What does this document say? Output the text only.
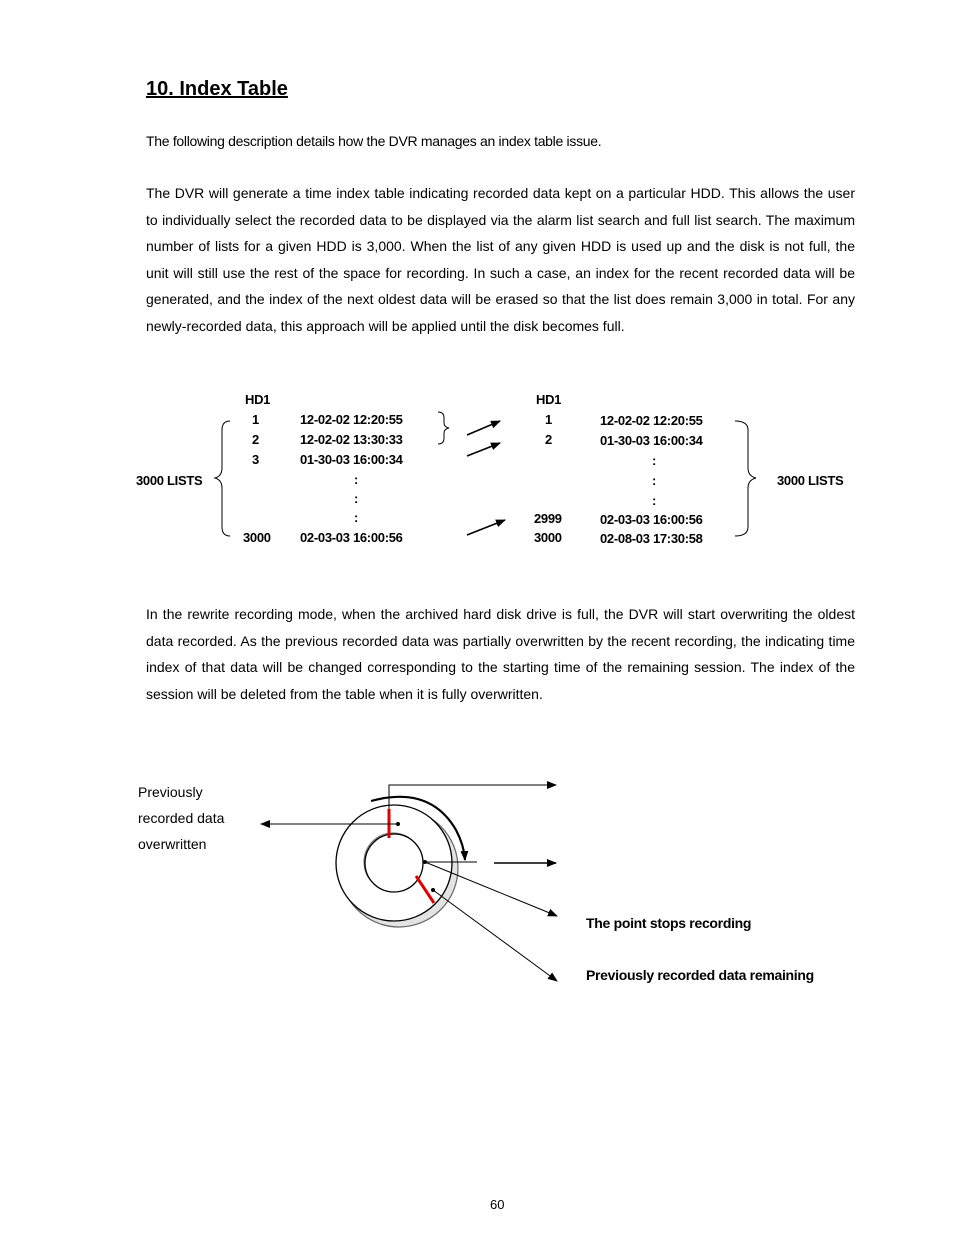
10. Index Table

The following description details how the DVR manages an index table issue.

The DVR will generate a time index table indicating recorded data kept on a particular HDD. This allows the user to individually select the recorded data to be displayed via the alarm list search and full list search. The maximum number of lists for a given HDD is 3,000. When the list of any given HDD is used up and the disk is not full, the unit will still use the rest of the space for recording. In such a case, an index for the recent recorded data will be generated, and the index of the next oldest data will be erased so that the list does remain 3,000 in total. For any newly-recorded data, this approach will be applied until the disk becomes full.

HD1
1	12-02-02 12:20:55
2	12-02-02 13:30:33
3	01-30-03 16:00:34
:
:
:
3000 02-03-03 16:00:56
3000 LISTS
HD1
1	12-02-02 12:20:55
2	01-30-03 16:00:34
:
:
:
2999	02-03-03 16:00:56
3000	02-08-03 17:30:58
3000 LISTS

In the rewrite recording mode, when the archived hard disk drive is full, the DVR will start overwriting the oldest data recorded. As the previous recorded data was partially overwritten by the recent recording, the indicating time index of that data will be changed corresponding to the starting time of the remaining session. The index of the session will be deleted from the table when it is fully overwritten.

Previously
recorded data
overwritten
The point stops recording
Previously recorded data remaining
60
